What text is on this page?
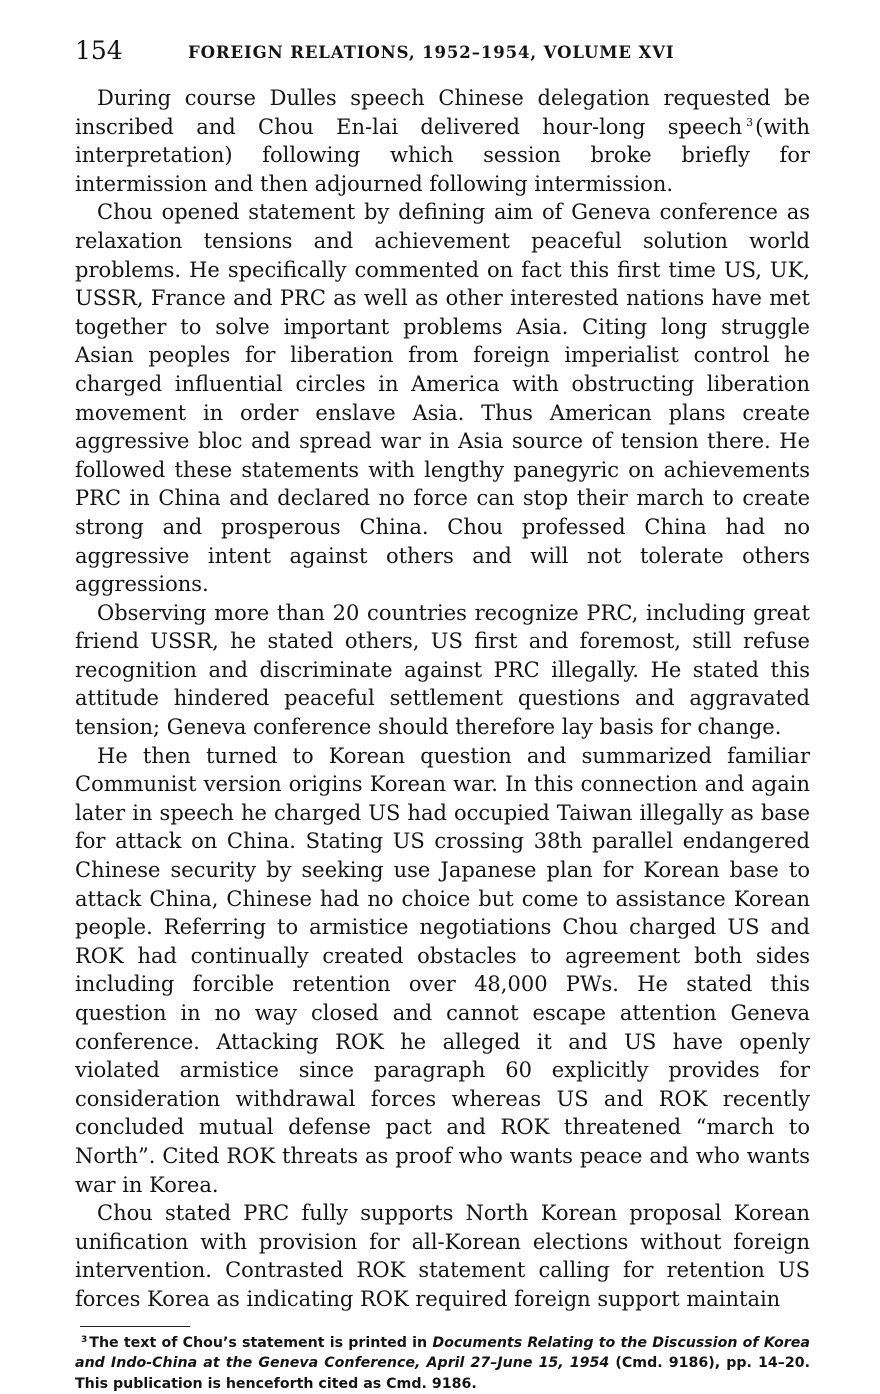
154	FOREIGN RELATIONS, 1952–1954, VOLUME XVI

During course Dulles speech Chinese delegation requested be inscribed and Chou En-lai delivered hour-long speech $^3$(with interpretation) following which session broke briefly for intermission and then adjourned following intermission.

Chou opened statement by defining aim of Geneva conference as relaxation tensions and achievement peaceful solution world problems. He specifically commented on fact this first time US, UK, USSR, France and PRC as well as other interested nations have met together to solve important problems Asia. Citing long struggle Asian peoples for liberation from foreign imperialist control he charged influential circles in America with obstructing liberation movement in order enslave Asia. Thus American plans create aggressive bloc and spread war in Asia source of tension there. He followed these statements with lengthy panegyric on achievements PRC in China and declared no force can stop their march to create strong and prosperous China. Chou professed China had no aggressive intent against others and will not tolerate others aggressions.

Observing more than 20 countries recognize PRC, including great friend USSR, he stated others, US first and foremost, still refuse recognition and discriminate against PRC illegally. He stated this attitude hindered peaceful settlement questions and aggravated tension; Geneva conference should therefore lay basis for change.

He then turned to Korean question and summarized familiar Communist version origins Korean war. In this connection and again later in speech he charged US had occupied Taiwan illegally as base for attack on China. Stating US crossing 38th parallel endangered Chinese security by seeking use Japanese plan for Korean base to attack China, Chinese had no choice but come to assistance Korean people. Referring to armistice negotiations Chou charged US and ROK had continually created obstacles to agreement both sides including forcible retention over 48,000 PWs. He stated this question in no way closed and cannot escape attention Geneva conference. Attacking ROK he alleged it and US have openly violated armistice since paragraph 60 explicitly provides for consideration withdrawal forces whereas US and ROK recently concluded mutual defense pact and ROK threatened “march to North”. Cited ROK threats as proof who wants peace and who wants war in Korea.

Chou stated PRC fully supports North Korean proposal Korean unification with provision for all-Korean elections without foreign intervention. Contrasted ROK statement calling for retention US forces Korea as indicating ROK required foreign support maintain

$^3$ The text of Chou’s statement is printed in Documents Relating to the Discussion of Korea and Indo-China at the Geneva Conference, April 27–June 15, 1954 (Cmd. 9186), pp. 14–20. This publication is henceforth cited as Cmd. 9186.
